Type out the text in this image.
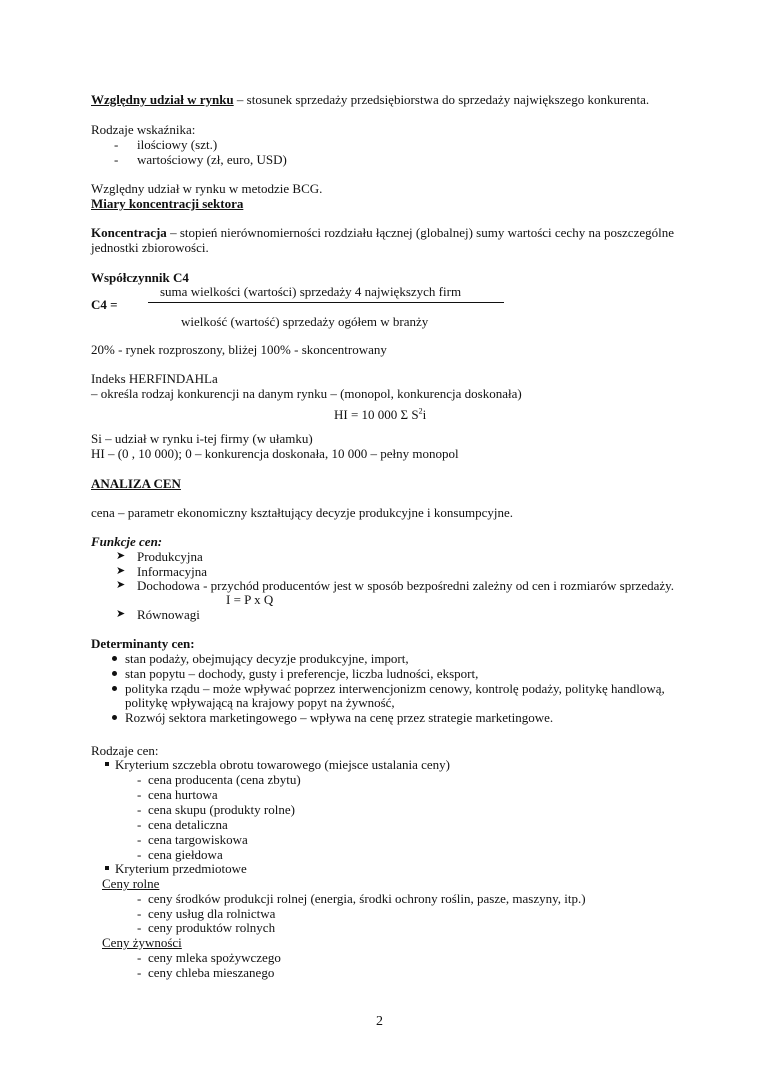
Względny udział w rynku – stosunek sprzedaży przedsiębiorstwa do sprzedaży największego konkurenta.
Rodzaje wskaźnika:
- ilościowy (szt.)
- wartościowy (zł, euro, USD)
Względny udział w rynku w metodzie BCG.
Miary koncentracji sektora
Koncentracja – stopień nierównomierności rozdziału łącznej (globalnej) sumy wartości cechy na poszczególne
jednostki zbiorowości.
Współczynnik C4
suma wielkości (wartości) sprzedaży 4 największych firm
C4 =
wielkość (wartość) sprzedaży ogółem w branży
20% - rynek rozproszony, bliżej 100% - skoncentrowany
Indeks HERFINDAHLa
– określa rodzaj konkurencji na danym rynku – (monopol, konkurencja doskonała)
HI = 10 000 Σ $S^2i$
Si – udział w rynku i-tej firmy (w ułamku)
HI – (0 , 10 000); 0 – konkurencja doskonała, 10 000 – pełny monopol
ANALIZA CEN
cena – parametr ekonomiczny kształtujący decyzje produkcyjne i konsumpcyjne.
Funkcje cen:
➤ Produkcyjna
➤ Informacyjna
➤ Dochodowa - przychód producentów jest w sposób bezpośredni zależny od cen i rozmiarów sprzedaży.
I = P x Q
➤ Równowagi
Determinanty cen:
stan podaży, obejmujący decyzje produkcyjne, import,
stan popytu – dochody, gusty i preferencje, liczba ludności, eksport,
polityka rządu – może wpływać poprzez interwencjonizm cenowy, kontrolę podaży, politykę handlową,
politykę wpływającą na krajowy popyt na żywność,
Rozwój sektora marketingowego – wpływa na cenę przez strategie marketingowe.
Rodzaje cen:
Kryterium szczebla obrotu towarowego (miejsce ustalania ceny)
- cena producenta (cena zbytu)
- cena hurtowa
- cena skupu (produkty rolne)
- cena detaliczna
- cena targowiskowa
- cena giełdowa
Kryterium przedmiotowe
Ceny rolne
- ceny środków produkcji rolnej (energia, środki ochrony roślin, pasze, maszyny, itp.)
- ceny usług dla rolnictwa
- ceny produktów rolnych
Ceny żywności
- ceny mleka spożywczego
- ceny chleba mieszanego
2
